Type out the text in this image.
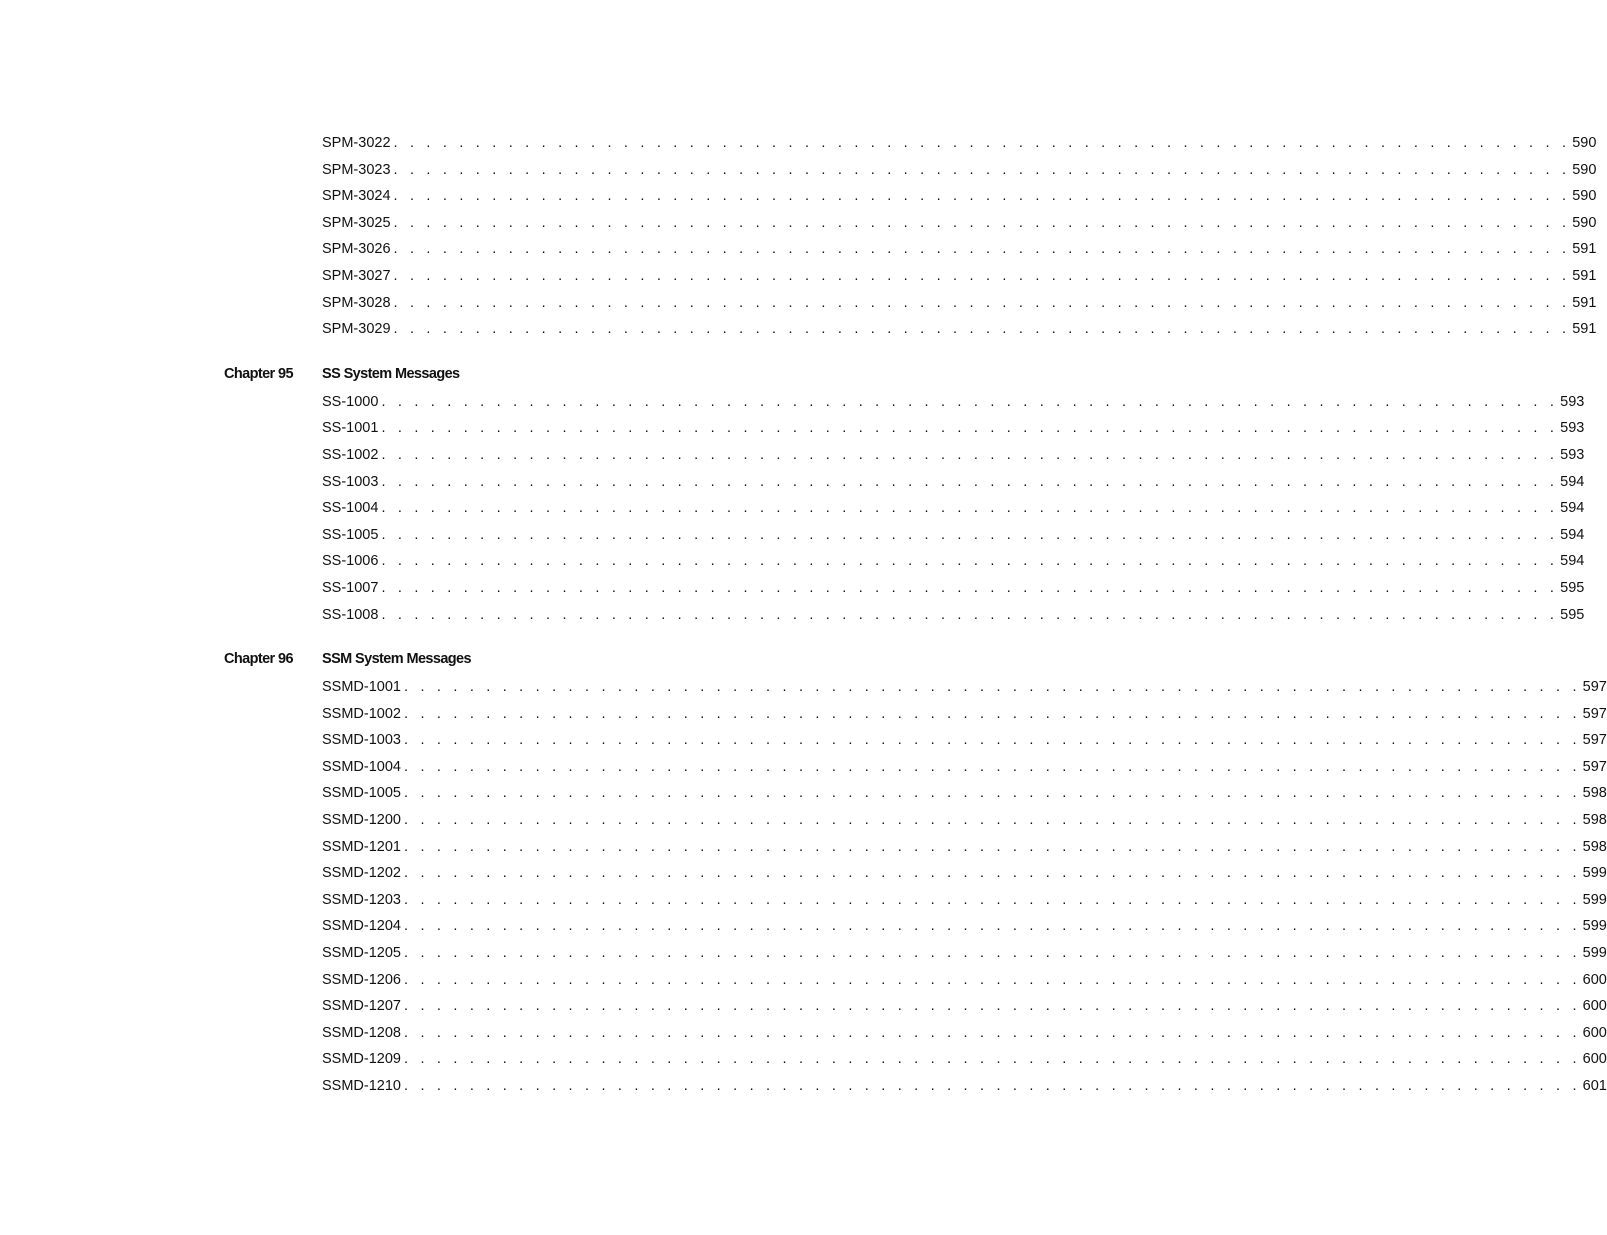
SPM-3022 . . . . . . . . . . . . . . . . . . . . . . . . . . . . . . . . . . . . . . . . . . . . . . . . . . . . . . . . . . . . . . . . . . . . . . . . 590
SPM-3023 . . . . . . . . . . . . . . . . . . . . . . . . . . . . . . . . . . . . . . . . . . . . . . . . . . . . . . . . . . . . . . . . . . . . . . . . 590
SPM-3024 . . . . . . . . . . . . . . . . . . . . . . . . . . . . . . . . . . . . . . . . . . . . . . . . . . . . . . . . . . . . . . . . . . . . . . . . 590
SPM-3025 . . . . . . . . . . . . . . . . . . . . . . . . . . . . . . . . . . . . . . . . . . . . . . . . . . . . . . . . . . . . . . . . . . . . . . . . 590
SPM-3026 . . . . . . . . . . . . . . . . . . . . . . . . . . . . . . . . . . . . . . . . . . . . . . . . . . . . . . . . . . . . . . . . . . . . . . . . 591
SPM-3027 . . . . . . . . . . . . . . . . . . . . . . . . . . . . . . . . . . . . . . . . . . . . . . . . . . . . . . . . . . . . . . . . . . . . . . . . 591
SPM-3028 . . . . . . . . . . . . . . . . . . . . . . . . . . . . . . . . . . . . . . . . . . . . . . . . . . . . . . . . . . . . . . . . . . . . . . . . 591
SPM-3029 . . . . . . . . . . . . . . . . . . . . . . . . . . . . . . . . . . . . . . . . . . . . . . . . . . . . . . . . . . . . . . . . . . . . . . . . 591
Chapter 95 SS System Messages
SS-1000 . . . . . . . . . . . . . . . . . . . . . . . . . . . . . . . . . . . . . . . . . . . . . . . . . . . . . . . . . . . . . . . . . . . . . . . . 593
SS-1001 . . . . . . . . . . . . . . . . . . . . . . . . . . . . . . . . . . . . . . . . . . . . . . . . . . . . . . . . . . . . . . . . . . . . . . . . 593
SS-1002 . . . . . . . . . . . . . . . . . . . . . . . . . . . . . . . . . . . . . . . . . . . . . . . . . . . . . . . . . . . . . . . . . . . . . . . . 593
SS-1003 . . . . . . . . . . . . . . . . . . . . . . . . . . . . . . . . . . . . . . . . . . . . . . . . . . . . . . . . . . . . . . . . . . . . . . . . 594
SS-1004 . . . . . . . . . . . . . . . . . . . . . . . . . . . . . . . . . . . . . . . . . . . . . . . . . . . . . . . . . . . . . . . . . . . . . . . . 594
SS-1005 . . . . . . . . . . . . . . . . . . . . . . . . . . . . . . . . . . . . . . . . . . . . . . . . . . . . . . . . . . . . . . . . . . . . . . . . 594
SS-1006 . . . . . . . . . . . . . . . . . . . . . . . . . . . . . . . . . . . . . . . . . . . . . . . . . . . . . . . . . . . . . . . . . . . . . . . . 594
SS-1007 . . . . . . . . . . . . . . . . . . . . . . . . . . . . . . . . . . . . . . . . . . . . . . . . . . . . . . . . . . . . . . . . . . . . . . . . 595
SS-1008 . . . . . . . . . . . . . . . . . . . . . . . . . . . . . . . . . . . . . . . . . . . . . . . . . . . . . . . . . . . . . . . . . . . . . . . . 595
Chapter 96 SSM System Messages
SSMD-1001 . . . . . . . . . . . . . . . . . . . . . . . . . . . . . . . . . . . . . . . . . . . . . . . . . . . . . . . . . . . . . . . . . . . . . . . . 597
SSMD-1002 . . . . . . . . . . . . . . . . . . . . . . . . . . . . . . . . . . . . . . . . . . . . . . . . . . . . . . . . . . . . . . . . . . . . . . . . 597
SSMD-1003 . . . . . . . . . . . . . . . . . . . . . . . . . . . . . . . . . . . . . . . . . . . . . . . . . . . . . . . . . . . . . . . . . . . . . . . . 597
SSMD-1004 . . . . . . . . . . . . . . . . . . . . . . . . . . . . . . . . . . . . . . . . . . . . . . . . . . . . . . . . . . . . . . . . . . . . . . . . 597
SSMD-1005 . . . . . . . . . . . . . . . . . . . . . . . . . . . . . . . . . . . . . . . . . . . . . . . . . . . . . . . . . . . . . . . . . . . . . . . . 598
SSMD-1200 . . . . . . . . . . . . . . . . . . . . . . . . . . . . . . . . . . . . . . . . . . . . . . . . . . . . . . . . . . . . . . . . . . . . . . . . 598
SSMD-1201 . . . . . . . . . . . . . . . . . . . . . . . . . . . . . . . . . . . . . . . . . . . . . . . . . . . . . . . . . . . . . . . . . . . . . . . . 598
SSMD-1202 . . . . . . . . . . . . . . . . . . . . . . . . . . . . . . . . . . . . . . . . . . . . . . . . . . . . . . . . . . . . . . . . . . . . . . . . 599
SSMD-1203 . . . . . . . . . . . . . . . . . . . . . . . . . . . . . . . . . . . . . . . . . . . . . . . . . . . . . . . . . . . . . . . . . . . . . . . . 599
SSMD-1204 . . . . . . . . . . . . . . . . . . . . . . . . . . . . . . . . . . . . . . . . . . . . . . . . . . . . . . . . . . . . . . . . . . . . . . . . 599
SSMD-1205 . . . . . . . . . . . . . . . . . . . . . . . . . . . . . . . . . . . . . . . . . . . . . . . . . . . . . . . . . . . . . . . . . . . . . . . . 599
SSMD-1206 . . . . . . . . . . . . . . . . . . . . . . . . . . . . . . . . . . . . . . . . . . . . . . . . . . . . . . . . . . . . . . . . . . . . . . . . 600
SSMD-1207 . . . . . . . . . . . . . . . . . . . . . . . . . . . . . . . . . . . . . . . . . . . . . . . . . . . . . . . . . . . . . . . . . . . . . . . . 600
SSMD-1208 . . . . . . . . . . . . . . . . . . . . . . . . . . . . . . . . . . . . . . . . . . . . . . . . . . . . . . . . . . . . . . . . . . . . . . . . 600
SSMD-1209 . . . . . . . . . . . . . . . . . . . . . . . . . . . . . . . . . . . . . . . . . . . . . . . . . . . . . . . . . . . . . . . . . . . . . . . . 600
SSMD-1210 . . . . . . . . . . . . . . . . . . . . . . . . . . . . . . . . . . . . . . . . . . . . . . . . . . . . . . . . . . . . . . . . . . . . . . . . 601
